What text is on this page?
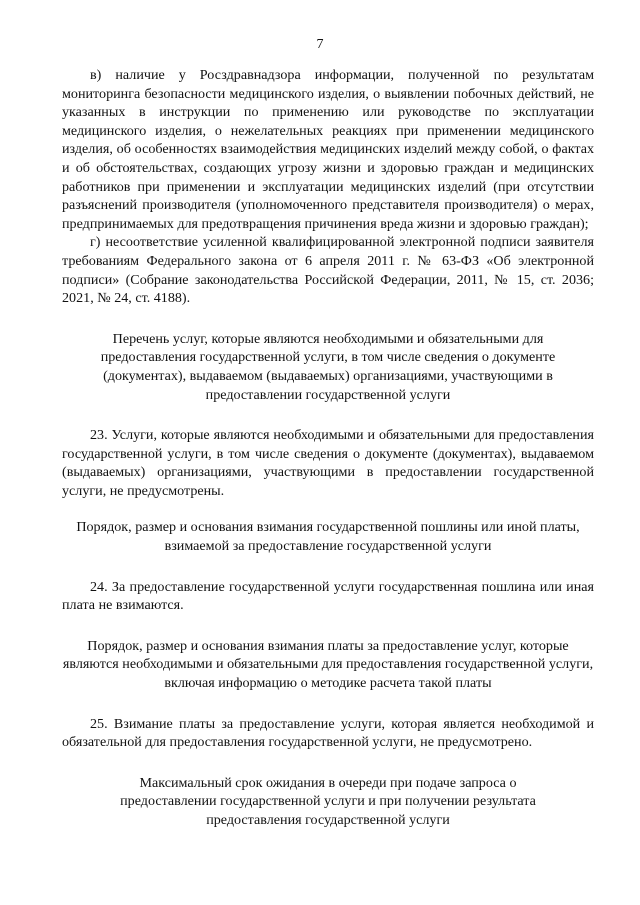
7

в) наличие у Росздравнадзора информации, полученной по результатам мониторинга безопасности медицинского изделия, о выявлении побочных действий, не указанных в инструкции по применению или руководстве по эксплуатации медицинского изделия, о нежелательных реакциях при применении медицинского изделия, об особенностях взаимодействия медицинских изделий между собой, о фактах и об обстоятельствах, создающих угрозу жизни и здоровью граждан и медицинских работников при применении и эксплуатации медицинских изделий (при отсутствии разъяснений производителя (уполномоченного представителя производителя) о мерах, предпринимаемых для предотвращения причинения вреда жизни и здоровью граждан);

г) несоответствие усиленной квалифицированной электронной подписи заявителя требованиям Федерального закона от 6 апреля 2011 г. № 63-ФЗ «Об электронной подписи» (Собрание законодательства Российской Федерации, 2011, № 15, ст. 2036; 2021, № 24, ст. 4188).

Перечень услуг, которые являются необходимыми и обязательными для предоставления государственной услуги, в том числе сведения о документе (документах), выдаваемом (выдаваемых) организациями, участвующими в предоставлении государственной услуги

23. Услуги, которые являются необходимыми и обязательными для предоставления государственной услуги, в том числе сведения о документе (документах), выдаваемом (выдаваемых) организациями, участвующими в предоставлении государственной услуги, не предусмотрены.

Порядок, размер и основания взимания государственной пошлины или иной платы, взимаемой за предоставление государственной услуги

24. За предоставление государственной услуги государственная пошлина или иная плата не взимаются.

Порядок, размер и основания взимания платы за предоставление услуг, которые являются необходимыми и обязательными для предоставления государственной услуги, включая информацию о методике расчета такой платы

25. Взимание платы за предоставление услуги, которая является необходимой и обязательной для предоставления государственной услуги, не предусмотрено.

Максимальный срок ожидания в очереди при подаче запроса о предоставлении государственной услуги и при получении результата предоставления государственной услуги
